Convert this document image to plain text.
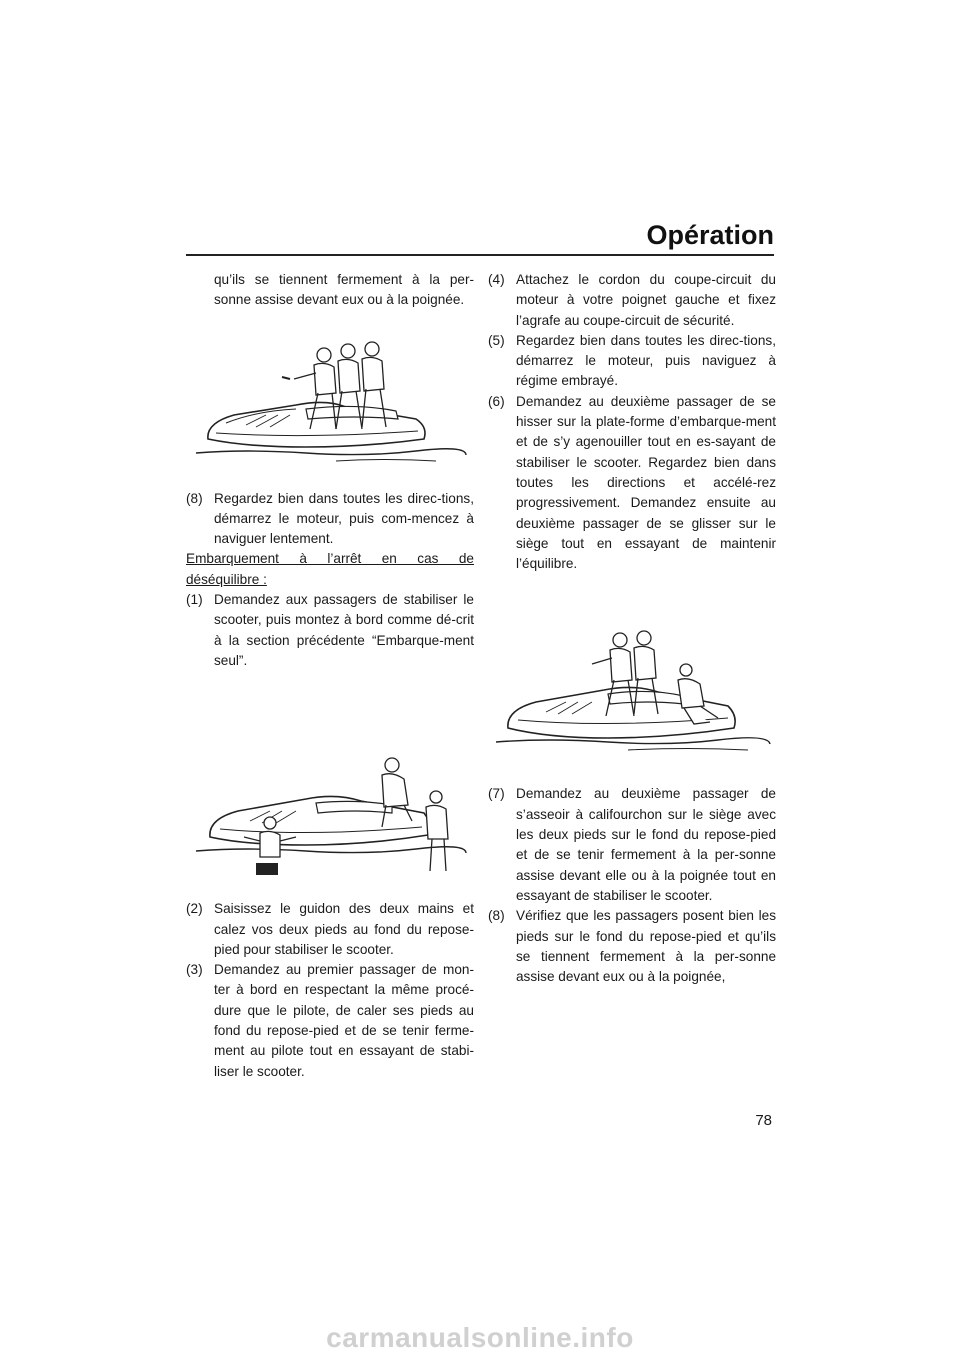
Opération

qu’ils se tiennent fermement à la per-sonne assise devant eux ou à la poignée.

(8) Regardez bien dans toutes les direc-tions, démarrez le moteur, puis com-mencez à naviguer lentement.

Embarquement à l’arrêt en cas de

déséquilibre :

(1) Demandez aux passagers de stabiliser le scooter, puis montez à bord comme dé-crit à la section précédente “Embarque-ment seul”.
(2) Saisissez le guidon des deux mains et calez vos deux pieds au fond du repose-pied pour stabiliser le scooter.
(3) Demandez au premier passager de mon-ter à bord en respectant la même procé-dure que le pilote, de caler ses pieds au fond du repose-pied et de se tenir ferme-ment au pilote tout en essayant de stabi-liser le scooter.
(4) Attachez le cordon du coupe-circuit du moteur à votre poignet gauche et fixez l’agrafe au coupe-circuit de sécurité.
(5) Regardez bien dans toutes les direc-tions, démarrez le moteur, puis naviguez à régime embrayé.
(6) Demandez au deuxième passager de se hisser sur la plate-forme d’embarque-ment et de s’y agenouiller tout en es-sayant de stabiliser le scooter. Regardez bien dans toutes les directions et accélé-rez progressivement. Demandez ensuite au deuxième passager de se glisser sur le siège tout en essayant de maintenir l’équilibre.
(7) Demandez au deuxième passager de s’asseoir à califourchon sur le siège avec les deux pieds sur le fond du repose-pied et de se tenir fermement à la per-sonne assise devant elle ou à la poignée tout en essayant de stabiliser le scooter.
(8) Vérifiez que les passagers posent bien les pieds sur le fond du repose-pied et qu’ils se tiennent fermement à la per-sonne assise devant eux ou à la poignée,
78
carmanualsonline.info
